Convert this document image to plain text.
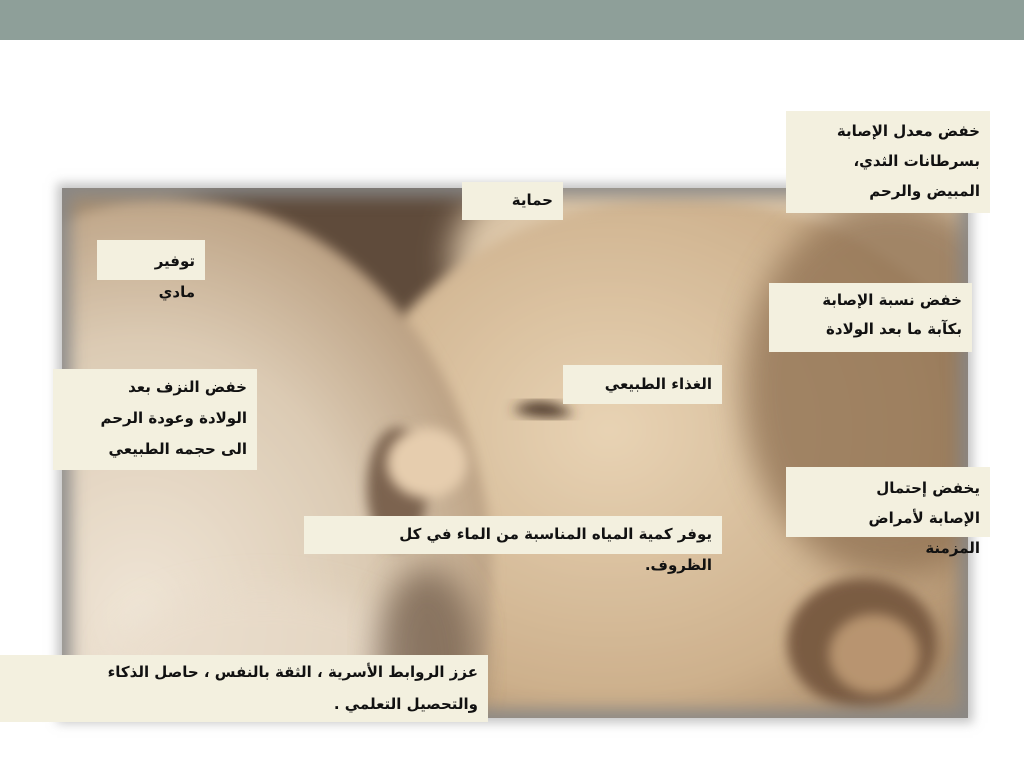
خفض معدل الإصابة
بسرطانات الثدي،
المبيض والرحم
حماية
توفير
مادي	خفض نسبة الإصابة
بكآبة ما بعد الولادة
الغذاء الطبيعي
خفض النزف بعد
الولادة وعودة الرحم
الى حجمه الطبيعي
يخفض إحتمال
الإصابة لأمراض
المزمنة
يوفر كمية المياه المناسبة من الماء في كل
الظروف.
عزز الروابط الأسرية ، الثقة بالنفس ، حاصل الذكاء
والتحصيل التعلمي .
